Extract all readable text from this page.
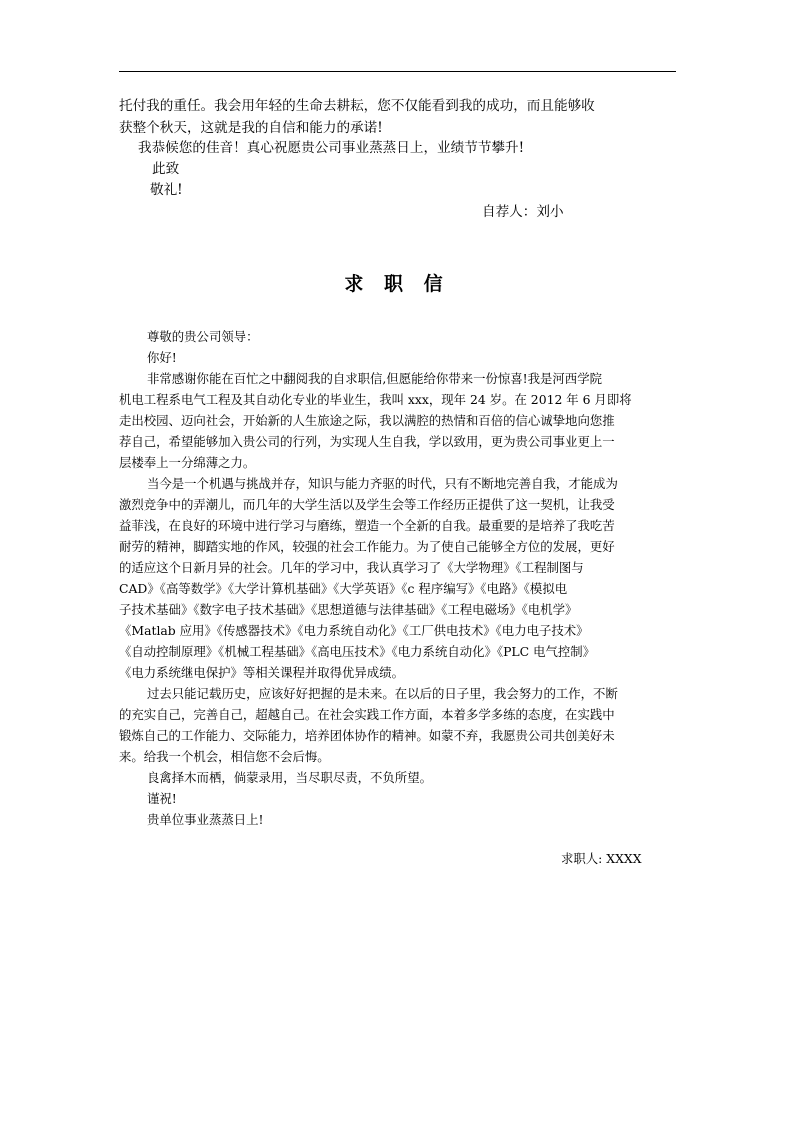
托付我的重任。我会用年轻的生命去耕耘，您不仅能看到我的成功，而且能够收
获整个秋天，这就是我的自信和能力的承诺!
我恭候您的佳音！真心祝愿贵公司事业蒸蒸日上，业绩节节攀升!
此致
敬礼!
自荐人：刘小
求 职 信
尊敬的贵公司领导：
你好!
非常感谢你能在百忙之中翻阅我的自求职信,但愿能给你带来一份惊喜!我是河西学院
机电工程系电气工程及其自动化专业的毕业生，我叫 xxx，现年 24 岁。在 2012 年 6 月即将
走出校园、迈向社会，开始新的人生旅途之际，我以满腔的热情和百倍的信心诚挚地向您推
荐自己，希望能够加入贵公司的行列，为实现人生自我，学以致用，更为贵公司事业更上一
层楼奉上一分绵薄之力。
当今是一个机遇与挑战并存，知识与能力齐驱的时代，只有不断地完善自我，才能成为
激烈竞争中的弄潮儿，而几年的大学生活以及学生会等工作经历正提供了这一契机，让我受
益菲浅，在良好的环境中进行学习与磨练，塑造一个全新的自我。最重要的是培养了我吃苦
耐劳的精神，脚踏实地的作风，较强的社会工作能力。为了使自己能够全方位的发展，更好
的适应这个日新月异的社会。几年的学习中，我认真学习了《大学物理》《工程制图与
CAD》《高等数学》《大学计算机基础》《大学英语》《c 程序编写》《电路》《模拟电
子技术基础》《数字电子技术基础》《思想道德与法律基础》《工程电磁场》《电机学》
《Matlab 应用》《传感器技术》《电力系统自动化》《工厂供电技术》《电力电子技术》
《自动控制原理》《机械工程基础》《高电压技术》《电力系统自动化》《PLC 电气控制》
《电力系统继电保护》等相关课程并取得优异成绩。
过去只能记载历史，应该好好把握的是未来。在以后的日子里，我会努力的工作，不断
的充实自己，完善自己，超越自己。在社会实践工作方面，本着多学多练的态度，在实践中
锻炼自己的工作能力、交际能力，培养团体协作的精神。如蒙不弃，我愿贵公司共创美好未
来。给我一个机会，相信您不会后悔。
良禽择木而栖，倘蒙录用，当尽职尽责，不负所望。
谨祝!
贵单位事业蒸蒸日上!
求职人: XXXX
